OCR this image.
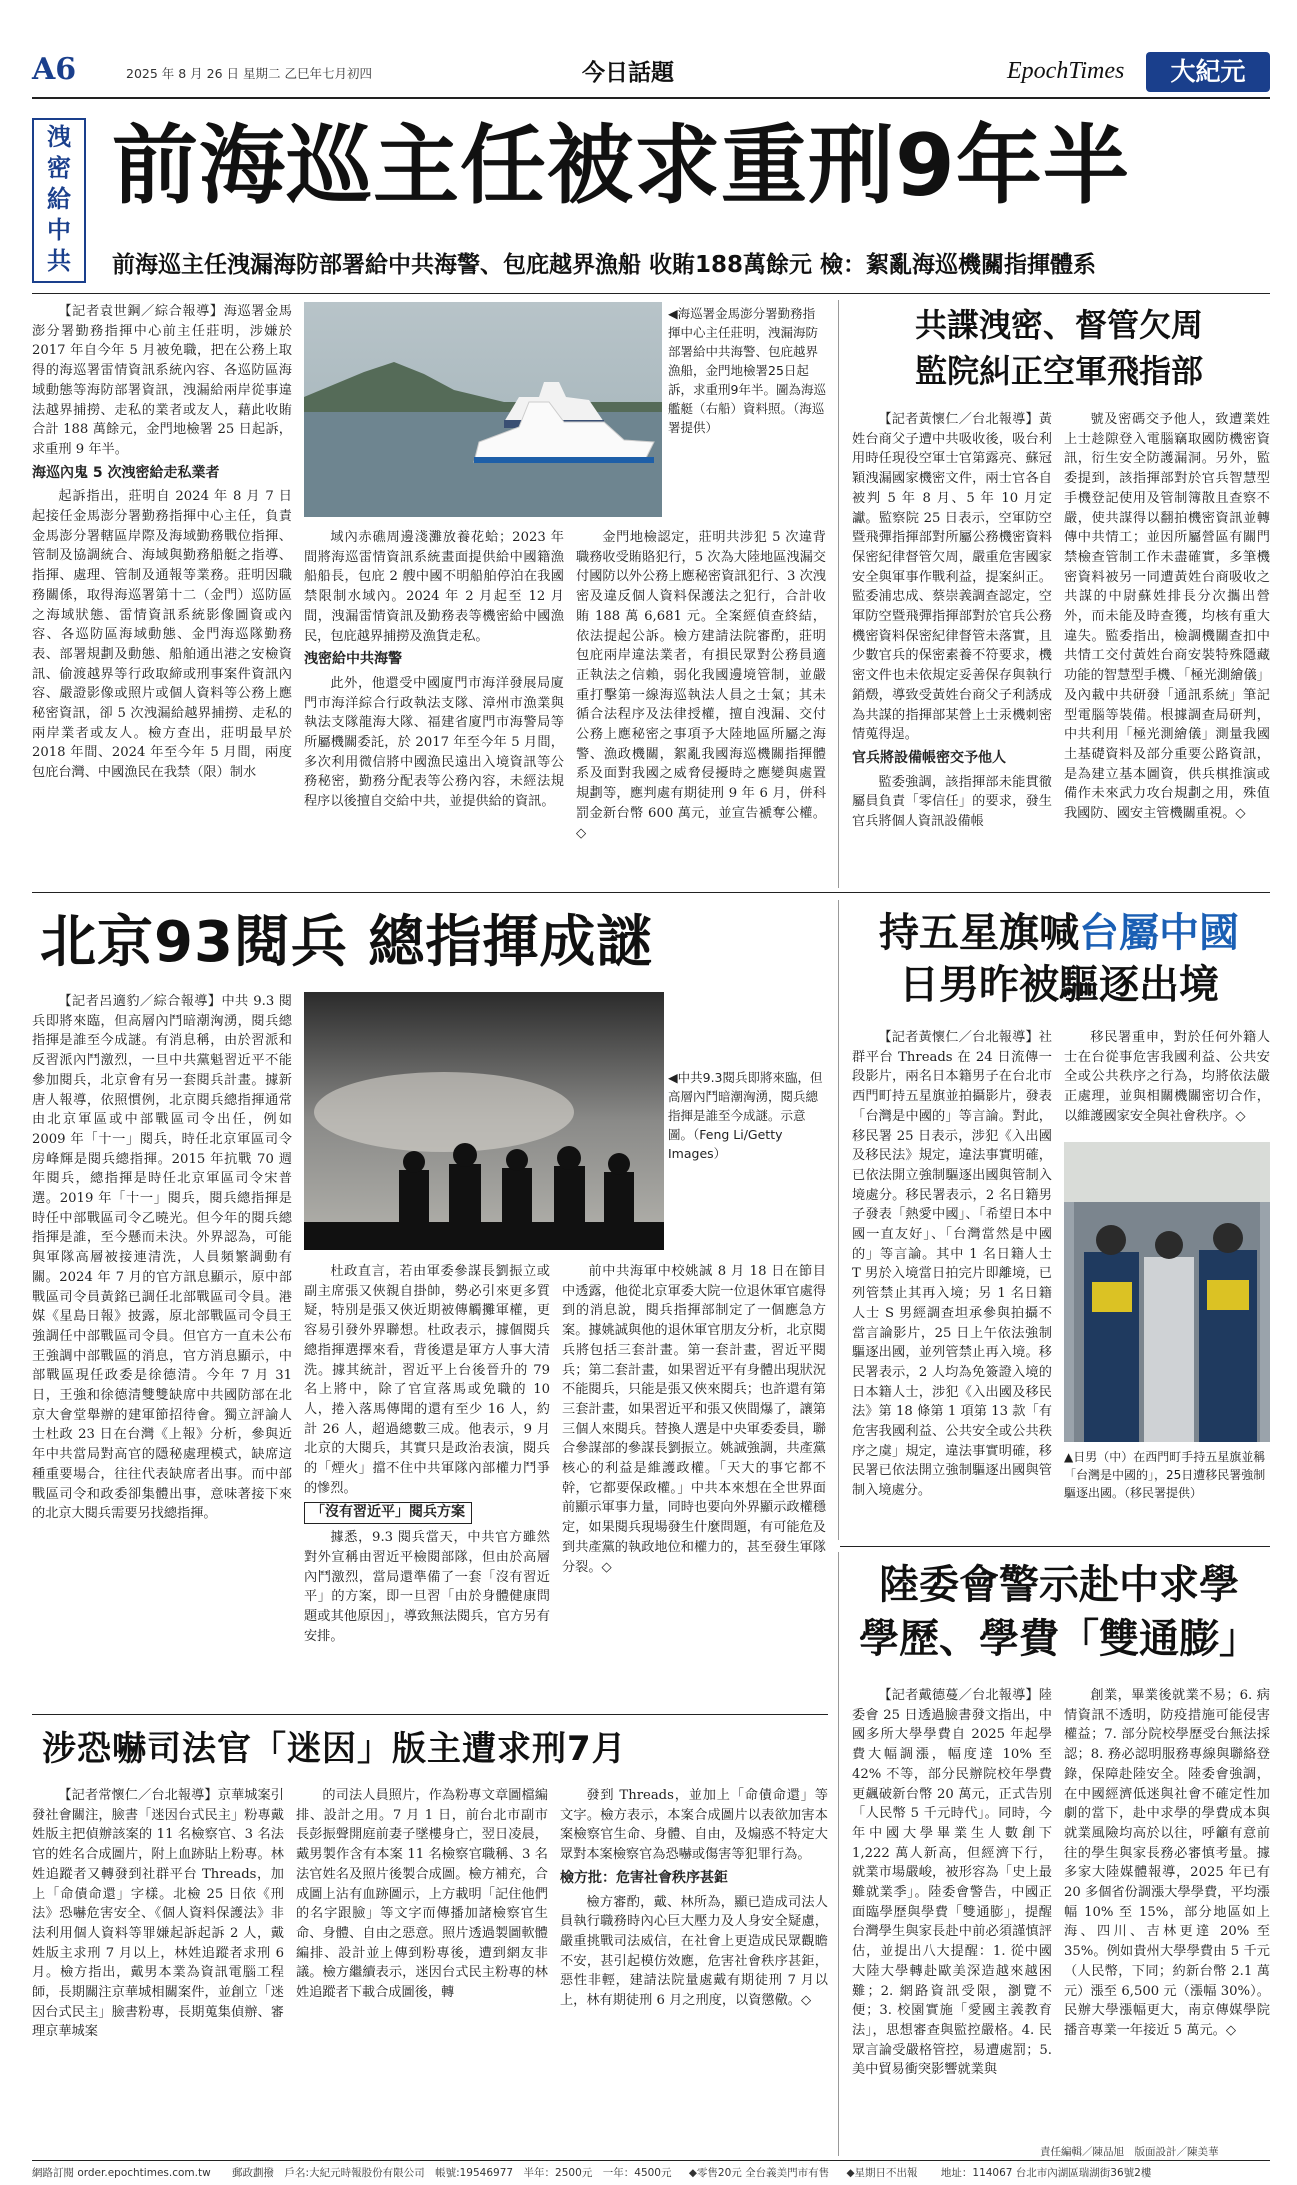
A6	2025 年 8 月 26 日 星期二 乙巳年七月初四	今日話題	EpochTimes	大紀元
洩
密
給
中
共
前海巡主任被求重刑9年半
前海巡主任洩漏海防部署給中共海警、包庇越界漁船 收賄188萬餘元 檢：絮亂海巡機關指揮體系

【記者袁世鋼／綜合報導】海巡署金馬澎分署勤務指揮中心前主任莊明，涉嫌於 2017 年自今年 5 月被免職，把在公務上取得的海巡署雷情資訊系統內容、各巡防區海域動態等海防部署資訊，洩漏給兩岸從事違法越界捕撈、走私的業者或友人，藉此收賄合計 188 萬餘元，金門地檢署 25 日起訴，求重刑 9 年半。

海巡內鬼 5 次洩密給走私業者

起訴指出，莊明自 2024 年 8 月 7 日起接任金馬澎分署勤務指揮中心主任，負責金馬澎分署轄區岸際及海域勤務戰位指揮、管制及協調統合、海域與勤務船艇之指導、指揮、處理、管制及通報等業務。莊明因職務關係，取得海巡署第十二（金門）巡防區之海域狀態、雷情資訊系統影像圖資或內容、各巡防區海域動態、金門海巡隊勤務表、部署規劃及動態、船舶通出港之安檢資訊、偷渡越界等行政取締或刑事案件資訊內容、嚴證影像或照片或個人資料等公務上應秘密資訊，卻 5 次洩漏給越界捕撈、走私的兩岸業者或友人。檢方查出，莊明最早於 2018 年間、2024 年至今年 5 月間，兩度包庇台灣、中國漁民在我禁（限）制水

◀海巡署金馬澎分署勤務指揮中心主任莊明，洩漏海防部署給中共海警、包庇越界漁船，金門地檢署25日起訴，求重刑9年半。圖為海巡艦艇（右船）資料照。（海巡署提供）

域內赤礁周邊淺灘放養花蛤；2023 年間將海巡雷情資訊系統畫面提供給中國籍漁船船長，包庇 2 艘中國不明船舶停泊在我國禁限制水域內。2024 年 2 月起至 12 月間，洩漏雷情資訊及勤務表等機密給中國漁民，包庇越界捕撈及漁貨走私。

洩密給中共海警

此外，他還受中國廈門市海洋發展局廈門市海洋綜合行政執法支隊、漳州市漁業與執法支隊龍海大隊、福建省廈門市海警局等所屬機關委託，於 2017 年至今年 5 月間，多次利用微信將中國漁民遠出入境資訊等公務秘密，勤務分配表等公務內容，未經法規程序以後擅自交給中共，並提供給的資訊。

金門地檢認定，莊明共涉犯 5 次違背職務收受賄賂犯行，5 次為大陸地區洩漏交付國防以外公務上應秘密資訊犯行、3 次洩密及違反個人資料保護法之犯行，合計收賄 188 萬 6,681 元。全案經偵查終結，依法提起公訴。檢方建請法院審酌，莊明包庇兩岸違法業者，有損民眾對公務員適正執法之信賴，弱化我國邊境管制，並嚴重打擊第一線海巡執法人員之士氣；其未循合法程序及法律授權，擅自洩漏、交付公務上應秘密之事項予大陸地區所屬之海警、漁政機關，絮亂我國海巡機關指揮體系及面對我國之威脅侵擾時之應變與處置規劃等，應判處有期徒刑 9 年 6 月，併科罰金新台幣 600 萬元，並宣告褫奪公權。◇

共諜洩密、督管欠周
監院糾正空軍飛指部

【記者黃懷仁／台北報導】黃姓台商父子遭中共吸收後，吸台利用時任現役空軍士官第露亮、蘇冠穎洩漏國家機密文件，兩士官各自被判 5 年 8 月、5 年 10 月定讞。監察院 25 日表示，空軍防空暨飛彈指揮部對所屬公務機密資料保密紀律督管欠周，嚴重危害國家安全與軍事作戰利益，提案糾正。監委浦忠成、蔡崇義調查認定，空軍防空暨飛彈指揮部對於官兵公務機密資料保密紀律督管未落實，且少數官兵的保密素養不符要求，機密文件也未依規定妥善保存與執行銷燬，導致受黃姓台商父子利誘成為共謀的指揮部某營上士汞機刺密情蒐得逞。

官兵將設備帳密交予他人

監委強調，該指揮部未能貫徹屬員負責「零信任」的要求，發生官兵將個人資訊設備帳

號及密碼交予他人，致遭業姓上士趁隙登入電腦竊取國防機密資訊，衍生安全防護漏洞。另外，監委提到，該指揮部對於官兵智慧型手機登記使用及管制簿散且查察不嚴，使共謀得以翻拍機密資訊並轉傳中共情工；並因所屬營區有關門禁檢查管制工作未盡確實，多筆機密資料被另一同遭黃姓台商吸收之共謀的中尉蘇姓排長分次攜出營外，而未能及時查獲，均核有重大違失。監委指出，檢調機關查扣中共情工交付黃姓台商安裝特殊隱藏功能的智慧型手機、「極光測繪儀」及內載中共研發「通訊系統」筆記型電腦等裝備。根據調查局研判，中共利用「極光測繪儀」測量我國土基礎資料及部分重要公路資訊，是為建立基本圖資，供兵棋推演或備作未來武力攻台規劃之用，殊值我國防、國安主管機關重視。◇

北京93閱兵 總指揮成謎

【記者呂適豹／綜合報導】中共 9.3 閱兵即將來臨，但高層內鬥暗潮洶湧，閱兵總指揮是誰至今成謎。有消息稱，由於習派和反習派內鬥激烈，一旦中共黨魁習近平不能參加閱兵，北京會有另一套閱兵計畫。據新唐人報導，依照慣例，北京閱兵總指揮通常由北京軍區或中部戰區司令出任，例如 2009 年「十一」閱兵，時任北京軍區司令房峰輝是閱兵總指揮。2015 年抗戰 70 週年閱兵，總指揮是時任北京軍區司令宋普選。2019 年「十一」閱兵，閱兵總指揮是時任中部戰區司令乙曉光。但今年的閱兵總指揮是誰，至今懸而未決。外界認為，可能與軍隊高層被接連清洗，人員頻繁調動有關。2024 年 7 月的官方訊息顯示，原中部戰區司令員黃銘已調任北部戰區司令員。港媒《星島日報》披露，原北部戰區司令員王強調任中部戰區司令員。但官方一直未公布王強調中部戰區的消息，官方消息顯示，中部戰區現任政委是徐德清。今年 7 月 31 日，王強和徐德清雙雙缺席中共國防部在北京大會堂舉辦的建軍節招待會。獨立評論人士杜政 23 日在台灣《上報》分析，參與近年中共當局對高官的隱秘處理模式，缺席這種重要場合，往往代表缺席者出事。而中部戰區司令和政委卻集體出事，意味著接下來的北京大閱兵需要另找總指揮。

◀中共9.3閱兵即將來臨，但高層內鬥暗潮洶湧，閱兵總指揮是誰至今成謎。示意圖。（Feng Li/Getty Images）

杜政直言，若由軍委參謀長劉振立或副主席張又俠親自掛帥，勢必引來更多質疑，特別是張又俠近期被傳觸攤軍權，更容易引發外界聯想。杜政表示，據個閱兵總指揮選擇來看，背後還是軍方人事大清洗。據其統計，習近平上台後晉升的 79 名上將中，除了官宣落馬或免職的 10 人，捲入落馬傳聞的還有至少 16 人，約計 26 人，超過總數三成。他表示，9 月北京的大閱兵，其實只是政治表演，閱兵的「煙火」擋不住中共軍隊內部權力鬥爭的慘烈。

「沒有習近平」閱兵方案

據悉，9.3 閱兵當天，中共官方雖然對外宣稱由習近平檢閱部隊，但由於高層內鬥激烈，當局還準備了一套「沒有習近平」的方案，即一旦習「由於身體健康問題或其他原因」，導致無法閱兵，官方另有安排。

前中共海軍中校姚誠 8 月 18 日在節目中透露，他從北京軍委大院一位退休軍官處得到的消息說，閱兵指揮部制定了一個應急方案。據姚誠與他的退休軍官朋友分析，北京閱兵將包括三套計畫。第一套計畫，習近平閱兵；第二套計畫，如果習近平有身體出現狀況不能閱兵，只能是張又俠來閱兵；也許還有第三套計畫，如果習近平和張又俠間爆了，讓第三個人來閱兵。替換人選是中央軍委委員，聯合參謀部的參謀長劉振立。姚誠強調，共產黨核心的利益是維護政權。「天大的事它都不幹，它都要保政權。」中共本來想在全世界面前顯示軍事力量，同時也要向外界顯示政權穩定，如果閱兵現場發生什麼問題，有可能危及到共產黨的執政地位和權力的，甚至發生軍隊分裂。◇

持五星旗喊台屬中國
日男昨被驅逐出境

【記者黃懷仁／台北報導】社群平台 Threads 在 24 日流傳一段影片，兩名日本籍男子在台北市西門町持五星旗並拍攝影片，發表「台灣是中國的」等言論。對此，移民署 25 日表示，涉犯《入出國及移民法》規定，違法事實明確，已依法開立強制驅逐出國與管制入境處分。移民署表示，2 名日籍男子發表「熱愛中國」、「希望日本中國一直友好」、「台灣當然是中國的」等言論。其中 1 名日籍人士 T 男於入境當日拍完片即離境，已列管禁止其再入境；另 1 名日籍人士 S 男經調查坦承參與拍攝不當言論影片，25 日上午依法強制驅逐出國，並列管禁止再入境。移民署表示，2 人均為免簽證入境的日本籍人士，涉犯《入出國及移民法》第 18 條第 1 項第 13 款「有危害我國利益、公共安全或公共秩序之虞」規定，違法事實明確，移民署已依法開立強制驅逐出國與管制入境處分。

移民署重申，對於任何外籍人士在台從事危害我國利益、公共安全或公共秩序之行為，均將依法嚴正處理，並與相關機關密切合作，以維護國家安全與社會秩序。◇

▲日男（中）在西門町手持五星旗並稱「台灣是中國的」，25日遭移民署強制驅逐出國。（移民署提供）
陸委會警示赴中求學
學歷、學費「雙通膨」

【記者戴德蔓／台北報導】陸委會 25 日透過臉書發文指出，中國多所大學學費自 2025 年起學費大幅調漲，幅度達 10% 至 42% 不等，部分民辦院校年學費更飆破新台幣 20 萬元，正式告別「人民幣 5 千元時代」。同時，今年中國大學畢業生人數創下 1,222 萬人新高，但經濟下行，就業市場嚴峻，被形容為「史上最難就業季」。陸委會警告，中國正面臨學歷與學費「雙通膨」，提醒台灣學生與家長赴中前必須謹慎評估，並提出八大提醒：1. 從中國大陸大學轉赴歐美深造越來越困難；2. 網路資訊受限，瀏覽不便；3. 校園實施「愛國主義教育法」，思想審查與監控嚴格。4. 民眾言論受嚴格管控，易遭處罰；5. 美中貿易衝突影響就業與

創業，畢業後就業不易；6. 病情資訊不透明，防疫措施可能侵害權益；7. 部分院校學歷受台無法採認；8. 務必認明服務專線與聯絡登錄，保障赴陸安全。陸委會強調，在中國經濟低迷與社會不確定性加劇的當下，赴中求學的學費成本與就業風險均高於以往，呼籲有意前往的學生與家長務必審慎考量。據多家大陸媒體報導，2025 年已有 20 多個省份調漲大學學費，平均漲幅 10% 至 15%，部分地區如上海、四川、吉林更達 20% 至 35%。例如貴州大學學費由 5 千元（人民幣，下同；約新台幣 2.1 萬元）漲至 6,500 元（漲幅 30%）。民辦大學漲幅更大，南京傳媒學院播音專業一年接近 5 萬元。◇

涉恐嚇司法官「迷因」版主遭求刑7月

【記者常懷仁／台北報導】京華城案引發社會關注，臉書「迷因台式民主」粉專戴姓版主把偵辦該案的 11 名檢察官、3 名法官的姓名合成圖片，附上血跡貼上粉專。林姓追蹤者又轉發到社群平台 Threads，加上「命債命還」字樣。北檢 25 日依《刑法》恐嚇危害安全、《個人資料保護法》非法利用個人資料等罪嫌起訴起訴 2 人，戴姓版主求刑 7 月以上，林姓追蹤者求刑 6 月。檢方指出，戴男本業為資訊電腦工程師，長期關注京華城相關案件，並創立「迷因台式民主」臉書粉專，長期蒐集偵辦、審理京華城案

的司法人員照片，作為粉專文章圖檔編排、設計之用。7 月 1 日，前台北市副市長彭振聲開庭前妻子墜樓身亡，翌日凌晨，戴男製作含有本案 11 名檢察官職稱、3 名法官姓名及照片後製合成圖。檢方補充，合成圖上沾有血跡圖示，上方載明「記住他們的名字跟臉」等文字而傳播加諸檢察官生命、身體、自由之惡意。照片透過製圖軟體編排、設計並上傳到粉專後，遭到網友非議。檢方繼續表示，迷因台式民主粉專的林姓追蹤者下載合成圖後，轉

發到 Threads，並加上「命債命還」等文字。檢方表示，本案合成圖片以表欲加害本案檢察官生命、身體、自由，及煽惑不特定大眾對本案檢察官為恐嚇或傷害等犯罪行為。

檢方批：危害社會秩序甚鉅

檢方審酌，戴、林所為，顯已造成司法人員執行職務時內心巨大壓力及人身安全疑慮，嚴重挑戰司法威信，在社會上更造成民眾觀瞻不安，甚引起模仿效應，危害社會秩序甚鉅，惡性非輕，建請法院量處戴有期徒刑 7 月以上，林有期徒刑 6 月之刑度，以資懲儆。◇

網路訂閱 order.epochtimes.com.tw 郵政劃撥　戶名:大紀元時報股份有限公司　帳號:19546977　半年：2500元　一年：4500元 ◆零售20元 全台義美門市有售 ◆星期日不出報 地址：114067 台北市內湖區瑞湖街36號2樓
責任編輯／陳品旭　版面設計／陳美華
